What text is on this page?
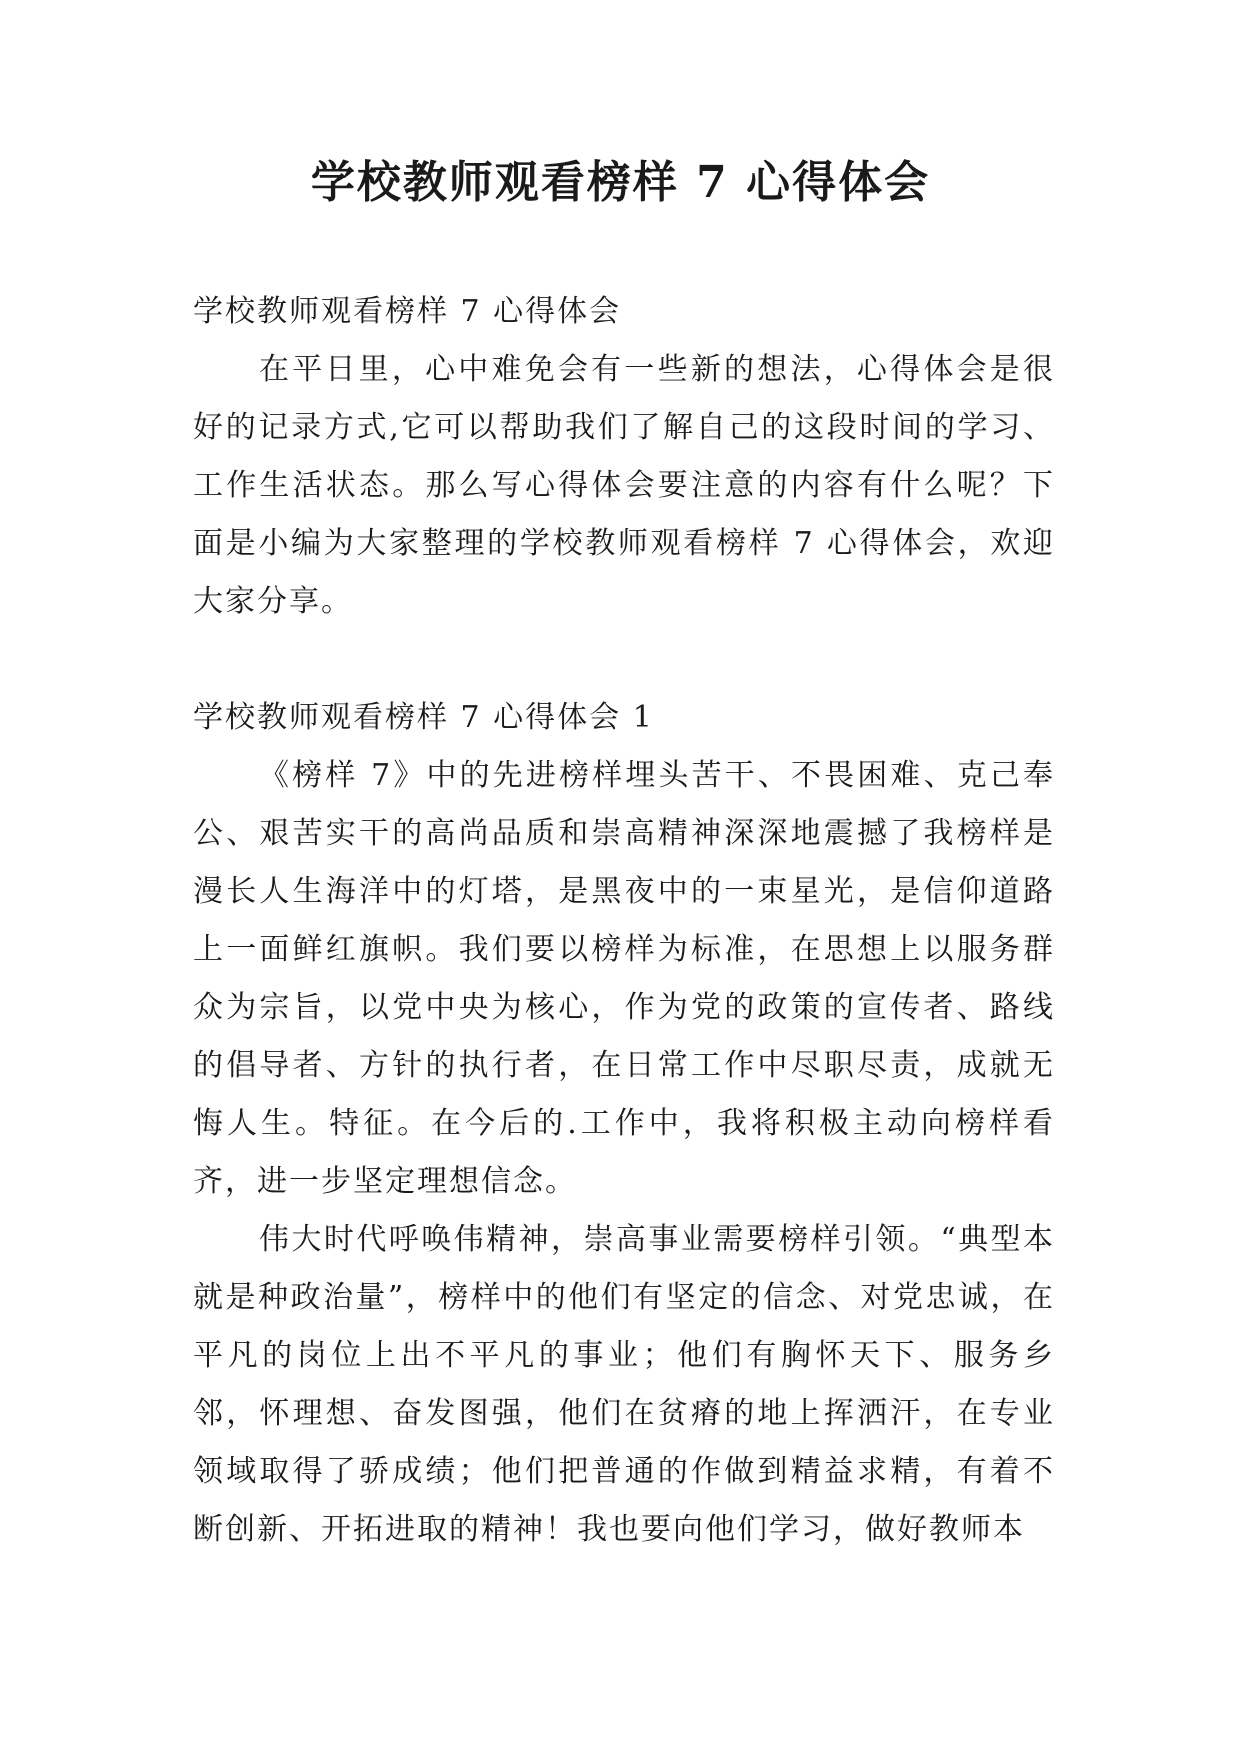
学校教师观看榜样 7 心得体会

学校教师观看榜样 7 心得体会

在平日里，心中难免会有一些新的想法，心得体会是很好的记录方式,它可以帮助我们了解自己的这段时间的学习、工作生活状态。那么写心得体会要注意的内容有什么呢？下面是小编为大家整理的学校教师观看榜样 7 心得体会，欢迎大家分享。

学校教师观看榜样 7 心得体会 1

《榜样 7》中的先进榜样埋头苦干、不畏困难、克己奉公、艰苦实干的高尚品质和崇高精神深深地震撼了我榜样是漫长人生海洋中的灯塔，是黑夜中的一束星光，是信仰道路上一面鲜红旗帜。我们要以榜样为标准，在思想上以服务群众为宗旨，以党中央为核心，作为党的政策的宣传者、路线的倡导者、方针的执行者，在日常工作中尽职尽责，成就无悔人生。特征。在今后的.工作中，我将积极主动向榜样看齐，进一步坚定理想信念。

伟大时代呼唤伟精神，崇高事业需要榜样引领。“典型本就是种政治量”，榜样中的他们有坚定的信念、对党忠诚，在平凡的岗位上出不平凡的事业；他们有胸怀天下、服务乡邻，怀理想、奋发图强，他们在贫瘠的地上挥洒汗，在专业领域取得了骄成绩；他们把普通的作做到精益求精，有着不断创新、开拓进取的精神！我也要向他们学习，做好教师本
